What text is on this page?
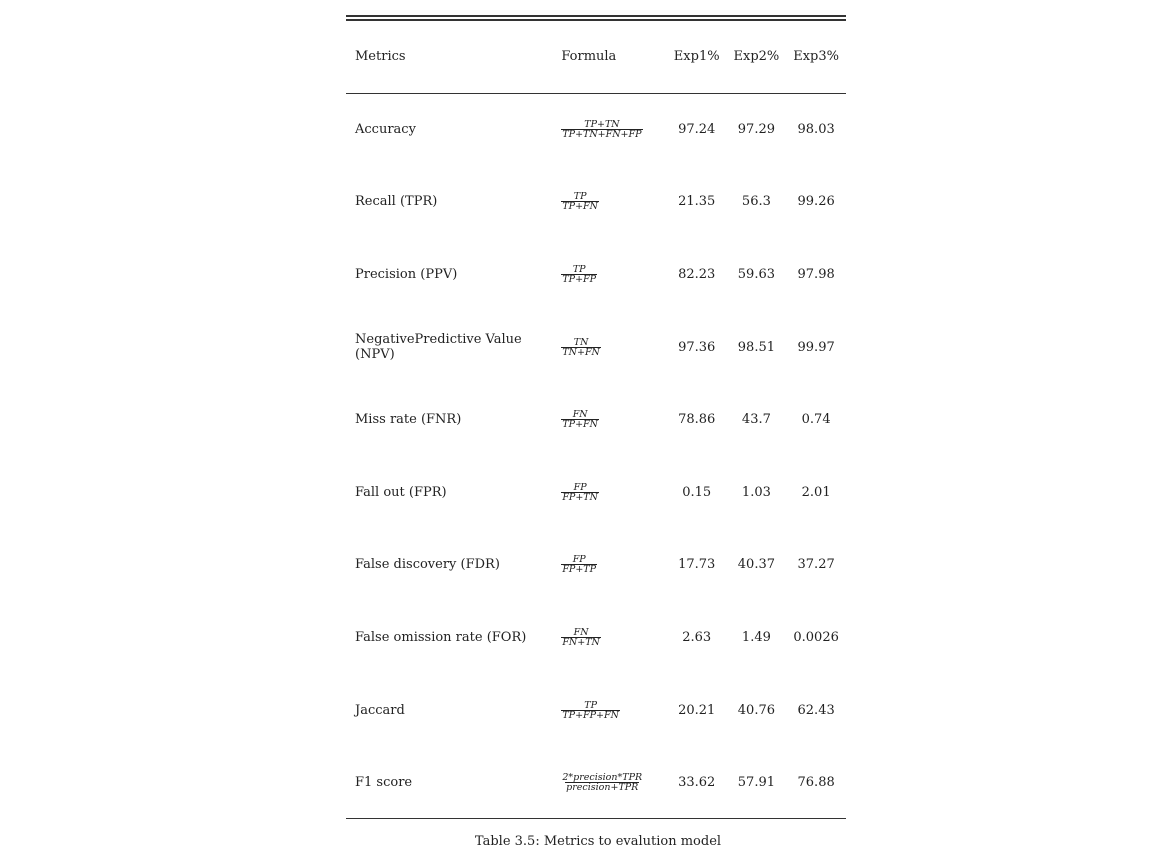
Metrics	Formula	Exp1%	Exp2%	Exp3%
Accuracy	$\frac{TP+TN}{TP+TN+FN+FP}$	97.24	97.29	98.03
Recall (TPR)	$\frac{TP}{TP+FN}$	21.35	56.3	99.26
Precision (PPV)	$\frac{TP}{TP+FP}$	82.23	59.63	97.98
NegativePredictive Value (NPV)	$\frac{TN}{TN+FN}$	97.36	98.51	99.97
Miss rate (FNR)	$\frac{FN}{TP+FN}$	78.86	43.7	0.74
Fall out (FPR)	$\frac{FP}{FP+TN}$	0.15	1.03	2.01
False discovery (FDR)	$\frac{FP}{FP+TP}$	17.73	40.37	37.27
False omission rate (FOR)	$\frac{FN}{FN+TN}$	2.63	1.49	0.0026
Jaccard	$\frac{TP}{TP+FP+FN}$	20.21	40.76	62.43
F1 score	$\frac{\text{2*precision*TPR}}{\text{precision+TPR}}$	33.62	57.91	76.88
Table 3.5: Metrics to evalution model
